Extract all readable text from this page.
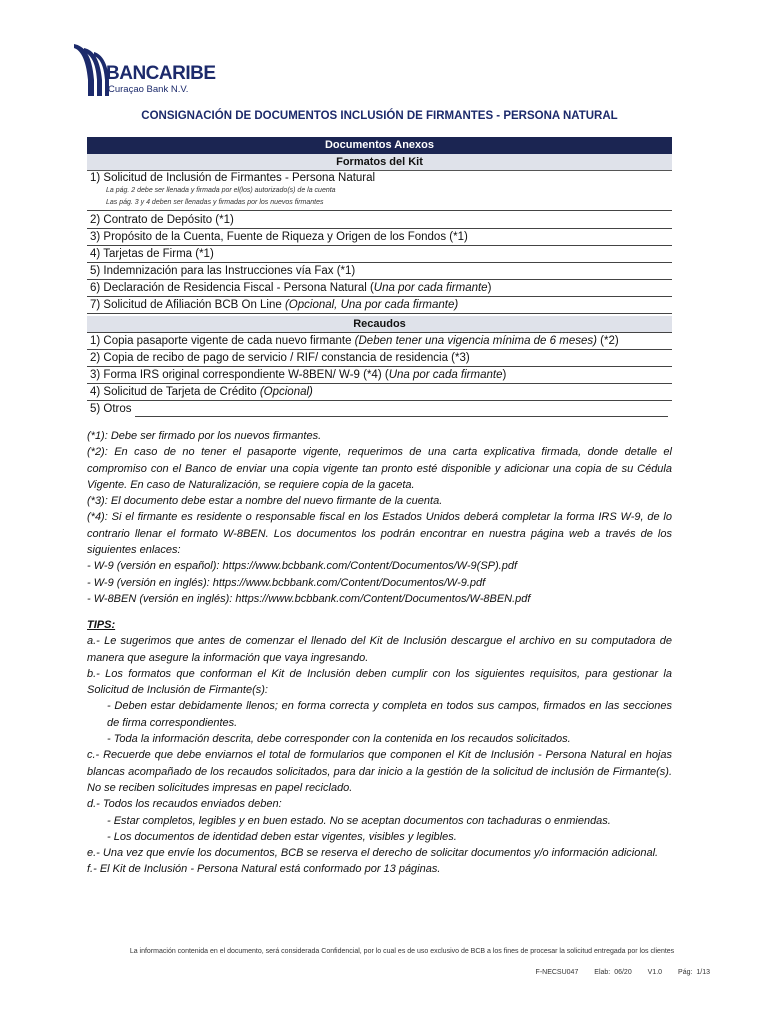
BANCARIBE
Curaçao Bank N.V.
CONSIGNACIÓN DE DOCUMENTOS INCLUSIÓN DE FIRMANTES - PERSONA NATURAL
Documentos Anexos
Formatos del Kit
1) Solicitud de Inclusión de Firmantes - Persona Natural
La pág. 2 debe ser llenada y firmada por el(los) autorizado(s) de la cuenta
Las pág. 3 y 4 deben ser llenadas y firmadas por los nuevos firmantes
2) Contrato de Depósito (*1)
3) Propósito de la Cuenta, Fuente de Riqueza y Origen de los Fondos (*1)
4) Tarjetas de Firma (*1)
5) Indemnización para las Instrucciones vía Fax (*1)
6) Declaración de Residencia Fiscal - Persona Natural (Una por cada firmante)
7) Solicitud de Afiliación BCB On Line (Opcional, Una por cada firmante)
Recaudos
1) Copia pasaporte vigente de cada nuevo firmante (Deben tener una vigencia mínima de 6 meses) (*2)
2) Copia de recibo de pago de servicio / RIF/ constancia de residencia (*3)
3) Forma IRS original correspondiente W-8BEN/ W-9 (*4) (Una por cada firmante)
4) Solicitud de Tarjeta de Crédito (Opcional)
5) Otros

(*1): Debe ser firmado por los nuevos firmantes.

(*2): En caso de no tener el pasaporte vigente, requerimos de una carta explicativa firmada, donde detalle el compromiso con el Banco de enviar una copia vigente tan pronto esté disponible y adicionar una copia de su Cédula Vigente. En caso de Naturalización, se requiere copia de la gaceta.

(*3): El documento debe estar a nombre del nuevo firmante de la cuenta.

(*4): Si el firmante es residente o responsable fiscal en los Estados Unidos deberá completar la forma IRS W-9, de lo contrario llenar el formato W-8BEN. Los documentos los podrán encontrar en nuestra página web a través de los siguientes enlaces:

- W-9 (versión en español): https://www.bcbbank.com/Content/Documentos/W-9(SP).pdf

- W-9 (versión en inglés): https://www.bcbbank.com/Content/Documentos/W-9.pdf

- W-8BEN (versión en inglés): https://www.bcbbank.com/Content/Documentos/W-8BEN.pdf

TIPS:

a.- Le sugerimos que antes de comenzar el llenado del Kit de Inclusión descargue el archivo en su computadora de manera que asegure la información que vaya ingresando.

b.- Los formatos que conforman el Kit de Inclusión deben cumplir con los siguientes requisitos, para gestionar la Solicitud de Inclusión de Firmante(s):

- Deben estar debidamente llenos; en forma correcta y completa en todos sus campos, firmados en las secciones de firma correspondientes.

- Toda la información descrita, debe corresponder con la contenida en los recaudos solicitados.

c.- Recuerde que debe enviarnos el total de formularios que componen el Kit de Inclusión - Persona Natural en hojas blancas acompañado de los recaudos solicitados, para dar inicio a la gestión de la solicitud de inclusión de Firmante(s). No se reciben solicitudes impresas en papel reciclado.

d.- Todos los recaudos enviados deben:

- Estar completos, legibles y en buen estado. No se aceptan documentos con tachaduras o enmiendas.

- Los documentos de identidad deben estar vigentes, visibles y legibles.

e.- Una vez que envíe los documentos, BCB se reserva el derecho de solicitar documentos y/o información adicional.

f.- El Kit de Inclusión - Persona Natural está conformado por 13 páginas.

La información contenida en el documento, será considerada Confidencial, por lo cual es de uso exclusivo de BCB a los fines de procesar la solicitud entregada por los clientes
F-NECSU047 Elab: 06/20 V1.0 Pág: 1/13
